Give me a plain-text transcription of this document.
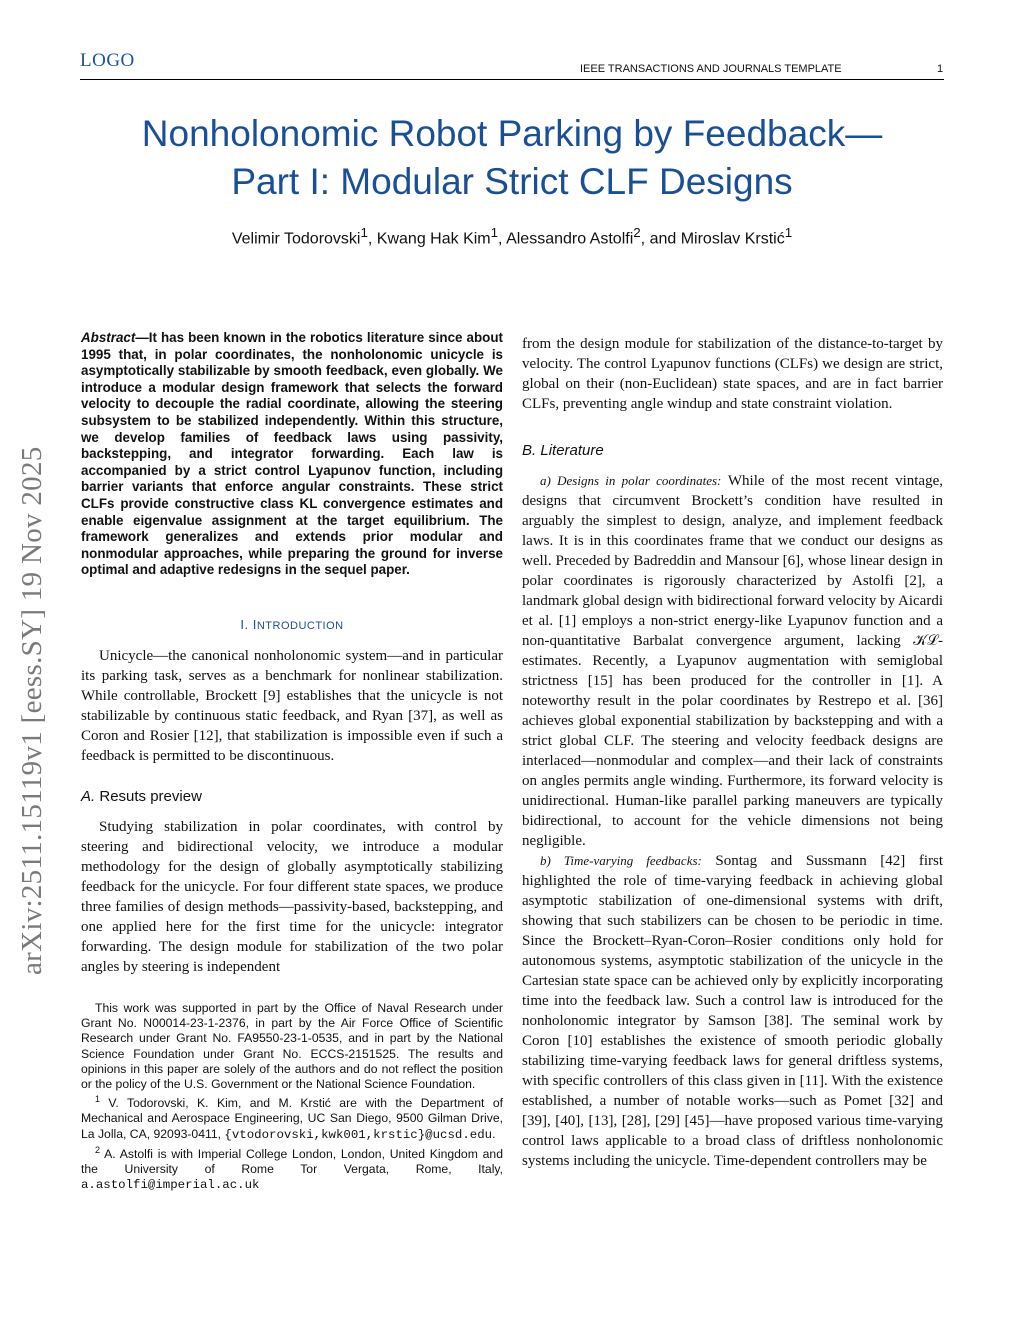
LOGO	IEEE TRANSACTIONS AND JOURNALS TEMPLATE	1
Nonholonomic Robot Parking by Feedback—
Part I: Modular Strict CLF Designs
Velimir Todorovski$^1$, Kwang Hak Kim$^1$, Alessandro Astolfi$^2$, and Miroslav Krstić$^1$
arXiv:2511.15119v1 [eess.SY] 19 Nov 2025

Abstract—It has been known in the robotics literature since about 1995 that, in polar coordinates, the nonholonomic unicycle is asymptotically stabilizable by smooth feedback, even globally. We introduce a modular design framework that selects the forward velocity to decouple the radial coordinate, allowing the steering subsystem to be stabilized independently. Within this structure, we develop families of feedback laws using passivity, backstepping, and integrator forwarding. Each law is accompanied by a strict control Lyapunov function, including barrier variants that enforce angular constraints. These strict CLFs provide constructive class KL convergence estimates and enable eigenvalue assignment at the target equilibrium. The framework generalizes and extends prior modular and nonmodular approaches, while preparing the ground for inverse optimal and adaptive redesigns in the sequel paper.

I. INTRODUCTION

Unicycle—the canonical nonholonomic system—and in particular its parking task, serves as a benchmark for nonlinear stabilization. While controllable, Brockett [9] establishes that the unicycle is not stabilizable by continuous static feedback, and Ryan [37], as well as Coron and Rosier [12], that stabilization is impossible even if such a feedback is permitted to be discontinuous.

A. Resuts preview

Studying stabilization in polar coordinates, with control by steering and bidirectional velocity, we introduce a modular methodology for the design of globally asymptotically stabilizing feedback for the unicycle. For four different state spaces, we produce three families of design methods—passivity-based, backstepping, and one applied here for the first time for the unicycle: integrator forwarding. The design module for stabilization of the two polar angles by steering is independent

This work was supported in part by the Office of Naval Research under Grant No. N00014-23-1-2376, in part by the Air Force Office of Scientific Research under Grant No. FA9550-23-1-0535, and in part by the National Science Foundation under Grant No. ECCS-2151525. The results and opinions in this paper are solely of the authors and do not reflect the position or the policy of the U.S. Government or the National Science Foundation.

$^1$ V. Todorovski, K. Kim, and M. Krstić are with the Department of Mechanical and Aerospace Engineering, UC San Diego, 9500 Gilman Drive, La Jolla, CA, 92093-0411, {vtodorovski,kwk001,krstic}@ucsd.edu.

$^2$ A. Astolfi is with Imperial College London, London, United Kingdom and the University of Rome Tor Vergata, Rome, Italy, a.astolfi@imperial.ac.uk

from the design module for stabilization of the distance-to-target by velocity. The control Lyapunov functions (CLFs) we design are strict, global on their (non-Euclidean) state spaces, and are in fact barrier CLFs, preventing angle windup and state constraint violation.

B. Literature

a) Designs in polar coordinates: While of the most recent vintage, designs that circumvent Brockett’s condition have resulted in arguably the simplest to design, analyze, and implement feedback laws. It is in this coordinates frame that we conduct our designs as well. Preceded by Badreddin and Mansour [6], whose linear design in polar coordinates is rigorously characterized by Astolfi [2], a landmark global design with bidirectional forward velocity by Aicardi et al. [1] employs a non-strict energy-like Lyapunov function and a non-quantitative Barbalat convergence argument, lacking 𝒦ℒ-estimates. Recently, a Lyapunov augmentation with semiglobal strictness [15] has been produced for the controller in [1]. A noteworthy result in the polar coordinates by Restrepo et al. [36] achieves global exponential stabilization by backstepping and with a strict global CLF. The steering and velocity feedback designs are interlaced—nonmodular and complex—and their lack of constraints on angles permits angle winding. Furthermore, its forward velocity is unidirectional. Human-like parallel parking maneuvers are typically bidirectional, to account for the vehicle dimensions not being negligible.

b) Time-varying feedbacks: Sontag and Sussmann [42] first highlighted the role of time-varying feedback in achieving global asymptotic stabilization of one-dimensional systems with drift, showing that such stabilizers can be chosen to be periodic in time. Since the Brockett–Ryan-Coron–Rosier conditions only hold for autonomous systems, asymptotic stabilization of the unicycle in the Cartesian state space can be achieved only by explicitly incorporating time into the feedback law. Such a control law is introduced for the nonholonomic integrator by Samson [38]. The seminal work by Coron [10] establishes the existence of smooth periodic globally stabilizing time-varying feedback laws for general driftless systems, with specific controllers of this class given in [11]. With the existence established, a number of notable works—such as Pomet [32] and [39], [40], [13], [28], [29] [45]—have proposed various time-varying control laws applicable to a broad class of driftless nonholonomic systems including the unicycle. Time-dependent controllers may be
